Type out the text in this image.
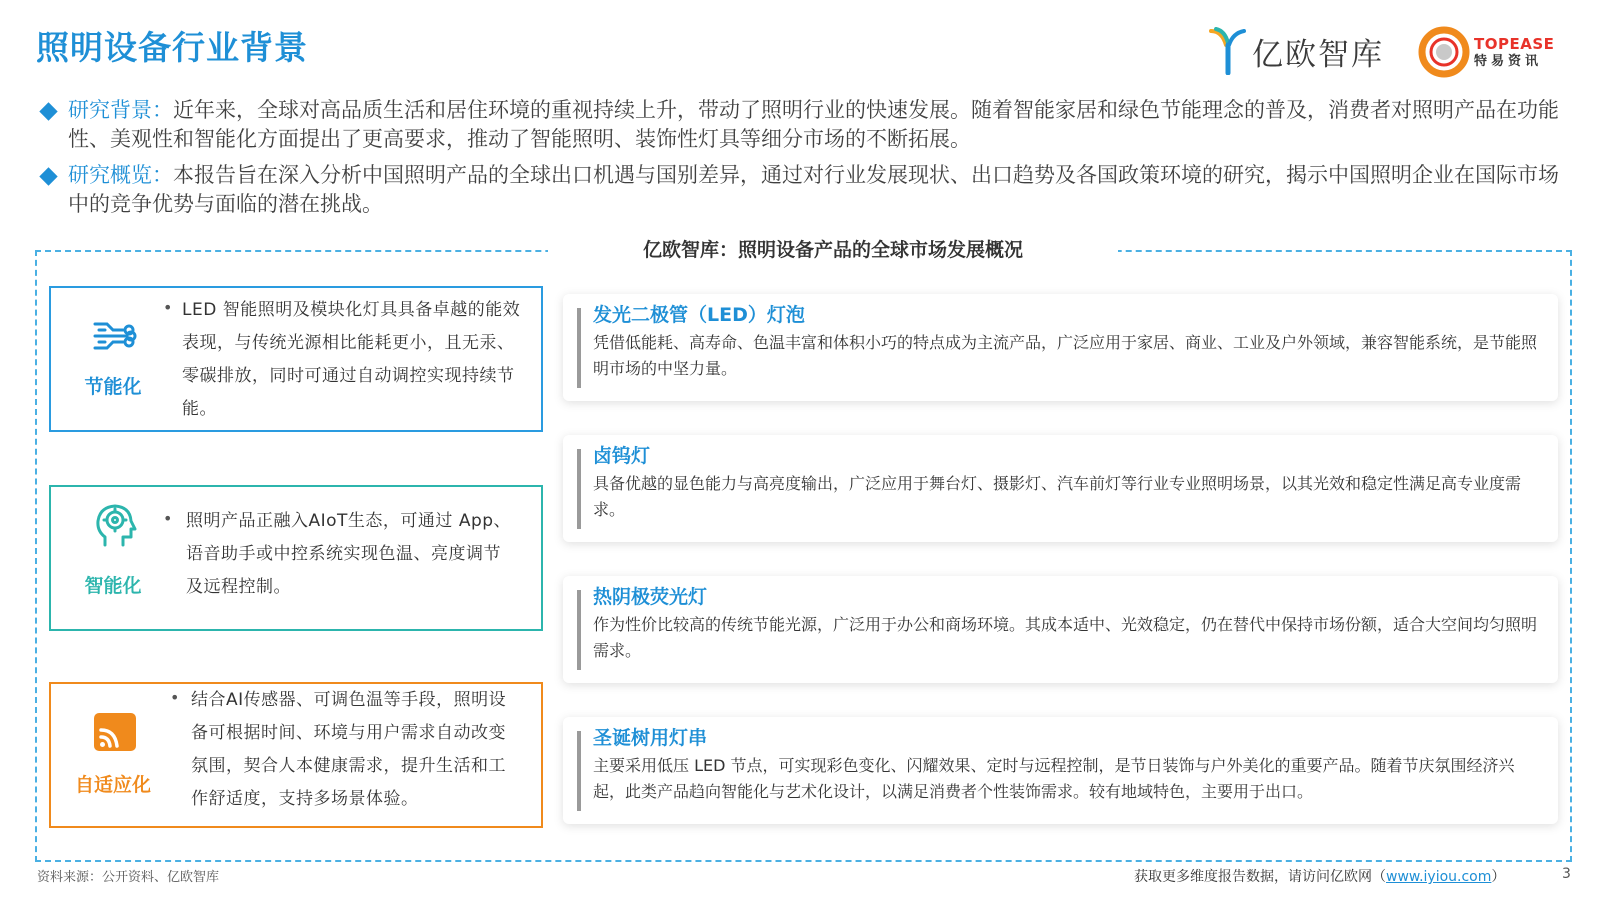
照明设备行业背景	亿欧智库	TOPEASE
特易资讯
研究背景：近年来，全球对高品质生活和居住环境的重视持续上升，带动了照明行业的快速发展。随着智能家居和绿色节能理念的普及，消费者对照明产品在功能性、美观性和智能化方面提出了更高要求，推动了智能照明、装饰性灯具等细分市场的不断拓展。
研究概览：本报告旨在深入分析中国照明产品的全球出口机遇与国别差异，通过对行业发展现状、出口趋势及各国政策环境的研究，揭示中国照明企业在国际市场中的竞争优势与面临的潜在挑战。
亿欧智库：照明设备产品的全球市场发展概况
节能化
• LED 智能照明及模块化灯具具备卓越的能效表现，与传统光源相比能耗更小，且无汞、零碳排放，同时可通过自动调控实现持续节能。
智能化
• 照明产品正融入AIoT生态，可通过 App、语音助手或中控系统实现色温、亮度调节及远程控制。
自适应化
• 结合AI传感器、可调色温等手段，照明设备可根据时间、环境与用户需求自动改变氛围，契合人本健康需求，提升生活和工作舒适度，支持多场景体验。
发光二极管（LED）灯泡
凭借低能耗、高寿命、色温丰富和体积小巧的特点成为主流产品，广泛应用于家居、商业、工业及户外领域，兼容智能系统，是节能照明市场的中坚力量。
卤钨灯
具备优越的显色能力与高亮度输出，广泛应用于舞台灯、摄影灯、汽车前灯等行业专业照明场景，以其光效和稳定性满足高专业度需求。
热阴极荧光灯
作为性价比较高的传统节能光源，广泛用于办公和商场环境。其成本适中、光效稳定，仍在替代中保持市场份额，适合大空间均匀照明需求。
圣诞树用灯串
主要采用低压 LED 节点，可实现彩色变化、闪耀效果、定时与远程控制，是节日装饰与户外美化的重要产品。随着节庆氛围经济兴起，此类产品趋向智能化与艺术化设计，以满足消费者个性装饰需求。较有地域特色，主要用于出口。
资料来源：公开资料、亿欧智库	获取更多维度报告数据，请访问亿欧网（www.iyiou.com）	3
